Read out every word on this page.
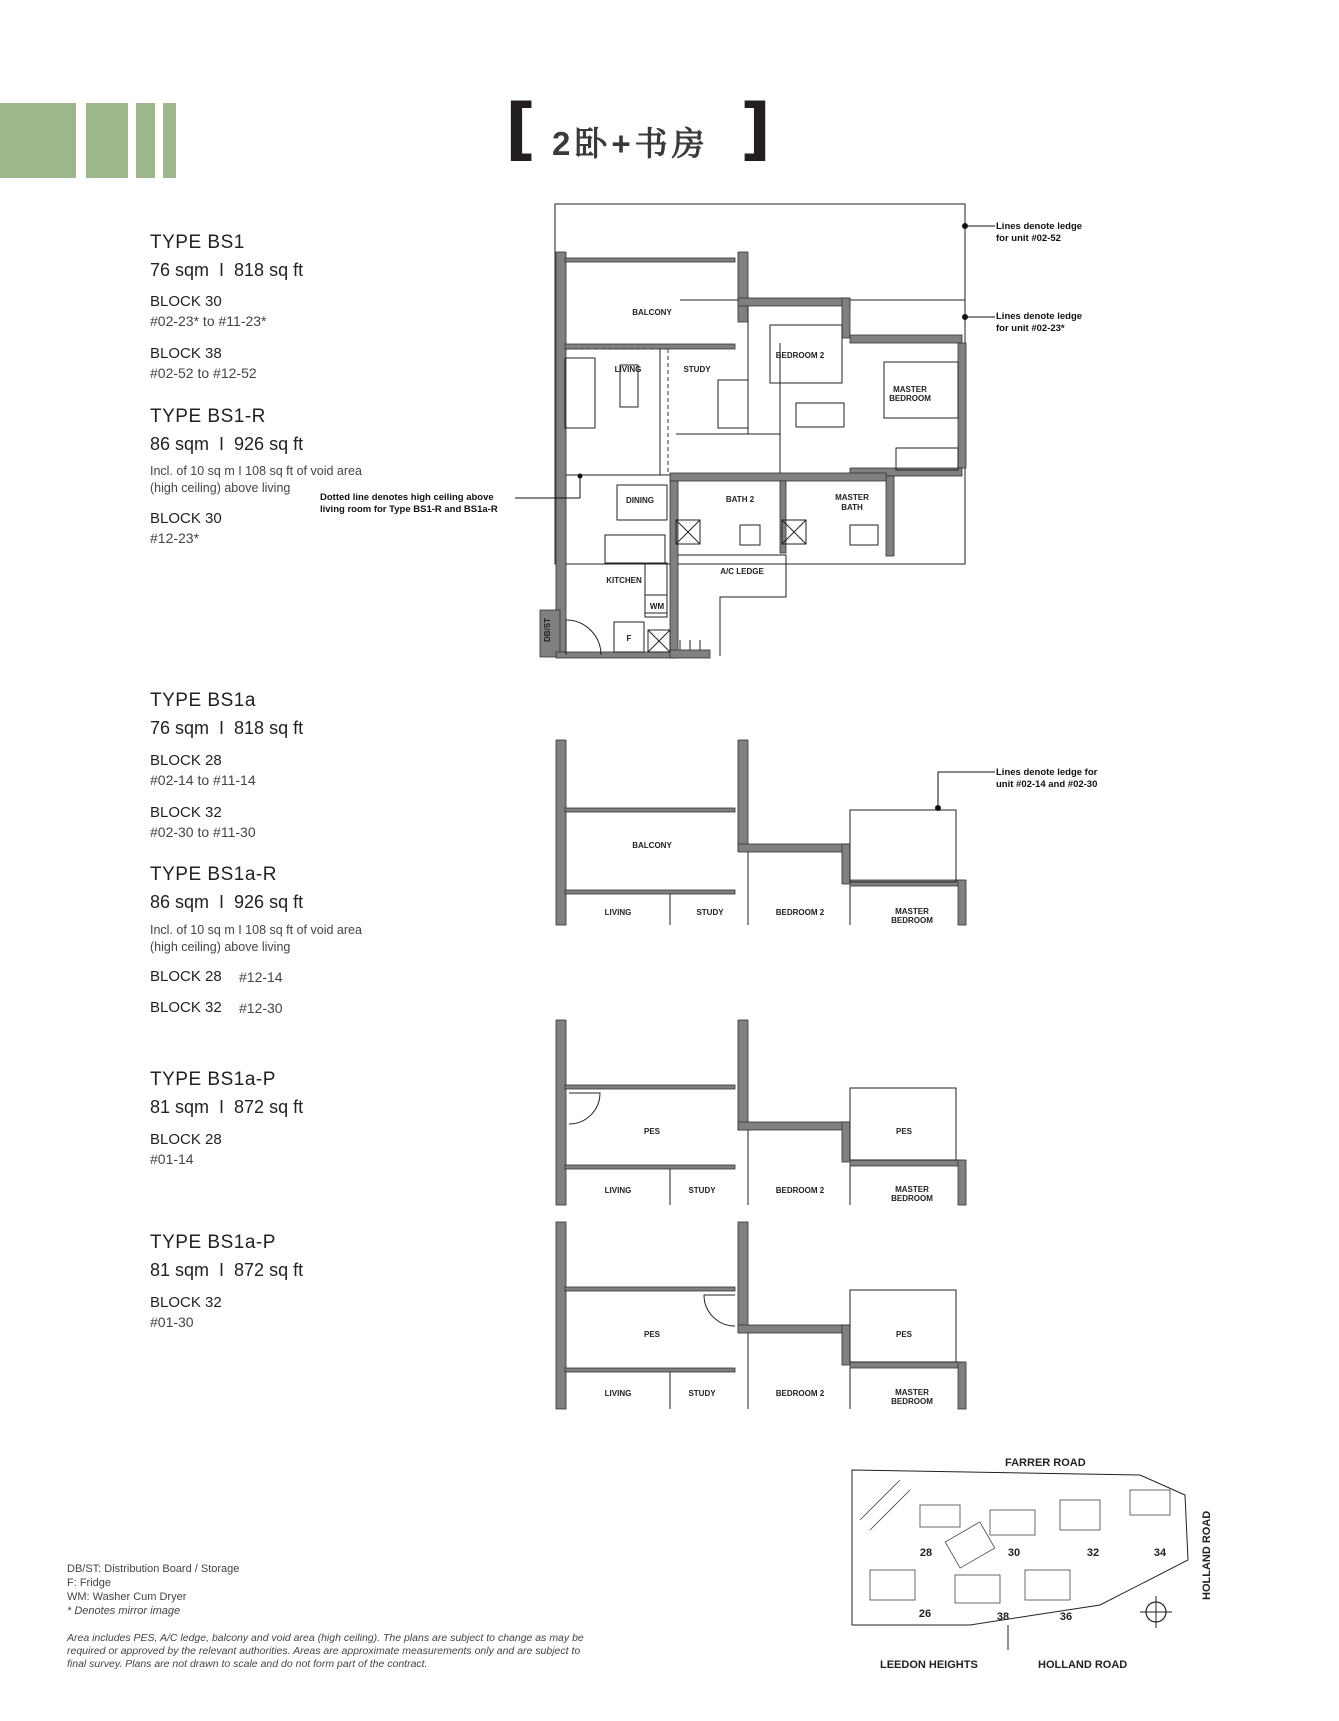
[ 2卧+书房 ]
TYPE BS1
76 sqm  I  818 sq ft
BLOCK 30
#02-23* to #11-23*
BLOCK 38
#02-52 to #12-52
TYPE BS1-R
86 sqm  I  926 sq ft
Incl. of 10 sq m I 108 sq ft of void area
(high ceiling) above living
BLOCK 30
#12-23*
TYPE BS1a
76 sqm  I  818 sq ft
BLOCK 28
#02-14 to #11-14
BLOCK 32
#02-30 to #11-30
TYPE BS1a-R
86 sqm  I  926 sq ft
Incl. of 10 sq m I 108 sq ft of void area
(high ceiling) above living
BLOCK 28 #12-14
BLOCK 32 #12-30
TYPE BS1a-P
81 sqm  I  872 sq ft
BLOCK 28
#01-14
TYPE BS1a-P
81 sqm  I  872 sq ft
BLOCK 32
#01-30
BALCONY
LIVING	STUDY
BEDROOM 2
MASTER
BEDROOM
DINING	BATH 2	MASTER
BATH
KITCHEN
A/C LEDGE
WM
F
DB/ST
Lines denote ledge
for unit #02-52
Lines denote ledge
for unit #02-23*
Dotted line denotes high ceiling above
living room for Type BS1-R and BS1a-R
BALCONY
LIVING	STUDY	BEDROOM 2	MASTER
BEDROOM
Lines denote ledge for
unit #02-14 and #02-30
PES	PES
LIVING	STUDY	BEDROOM 2	MASTER
BEDROOM
PES	PES
LIVING	STUDY	BEDROOM 2	MASTER
BEDROOM
FARRER ROAD
HOLLAND ROAD
LEEDON HEIGHTS	HOLLAND ROAD
28	30	32	34
26	38	36
DB/ST: Distribution Board / Storage
F: Fridge
WM: Washer Cum Dryer
* Denotes mirror image
Area includes PES, A/C ledge, balcony and void area (high ceiling). The plans are subject to change as may be
required or approved by the relevant authorities. Areas are approximate measurements only and are subject to
final survey. Plans are not drawn to scale and do not form part of the contract.
